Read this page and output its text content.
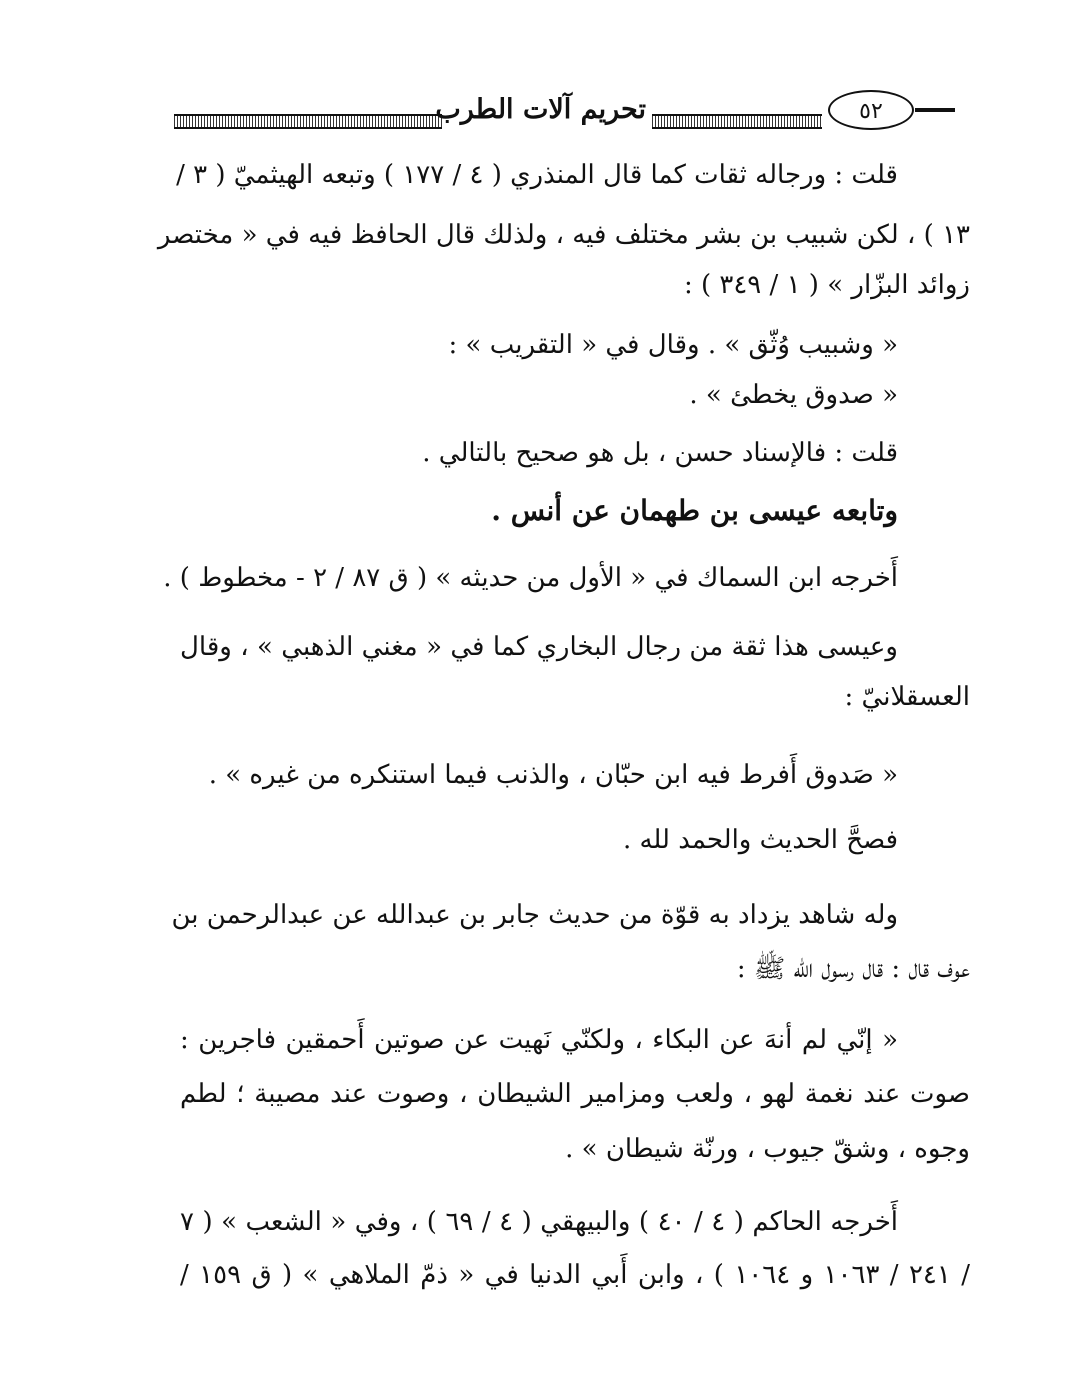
تحريم آلات الطرب	٥٢
قلت : ورجاله ثقات كما قال المنذري ( ٤ / ١٧٧ ) وتبعه الهيثميّ ( ٣ /
١٣ ) ، لكن شبيب بن بشر مختلف فيه ، ولذلك قال الحافظ فيه في « مختصر
زوائد البزّار » ( ١ / ٣٤٩ ) :
« وشبيب وُثّق » . وقال في « التقريب » :
« صدوق يخطئ » .
قلت : فالإسناد حسن ، بل هو صحيح بالتالي .
وتابعه عيسى بن طهمان عن أنس .
أَخرجه ابن السماك في « الأول من حديثه » ( ق ٨٧ / ٢ - مخطوط ) .
وعيسى هذا ثقة من رجال البخاري كما في « مغني الذهبي » ، وقال
العسقلانيّ :
« صَدوق أَفرط فيه ابن حبّان ، والذنب فيما استنكره من غيره » .
فصحَّ الحديث والحمد لله .
وله شاهد يزداد به قوّة من حديث جابر بن عبدالله عن عبدالرحمن بن
عوف قال : قال رسول الله ﷺ :
« إنّي لم أنهَ عن البكاء ، ولكنّي نَهيت عن صوتين أَحمقين فاجرين :
صوت عند نغمة لهو ، ولعب ومزامير الشيطان ، وصوت عند مصيبة ؛ لطم
وجوه ، وشقّ جيوب ، ورنّة شيطان » .
أَخرجه الحاكم ( ٤ / ٤٠ ) والبيهقي ( ٤ / ٦٩ ) ، وفي « الشعب » ( ٧
/ ٢٤١ / ١٠٦٣ و ١٠٦٤ ) ، وابن أَبي الدنيا في « ذمّ الملاهي » ( ق ١٥٩ /
